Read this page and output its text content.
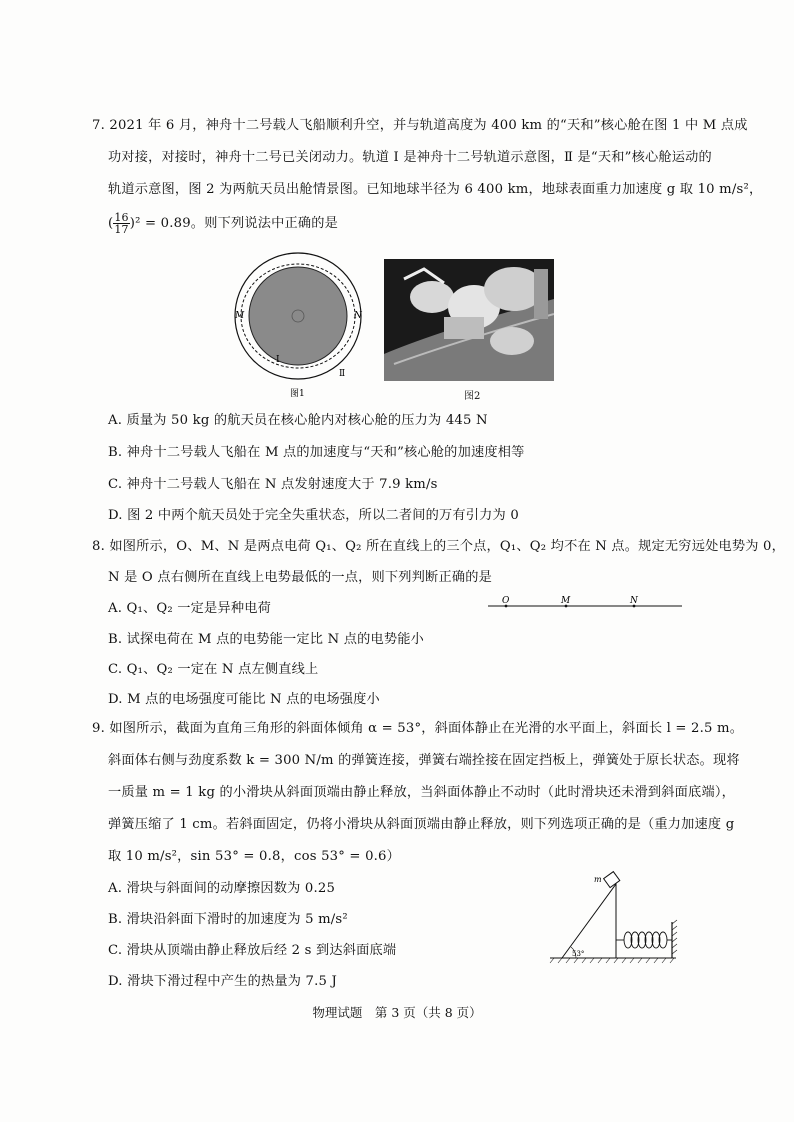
7. 2021 年 6 月，神舟十二号载人飞船顺利升空，并与轨道高度为 400 km 的“天和”核心舱在图 1 中 M 点成
功对接，对接时，神舟十二号已关闭动力。轨道 Ⅰ 是神舟十二号轨道示意图，Ⅱ 是“天和”核心舱运动的
轨道示意图，图 2 为两航天员出舱情景图。已知地球半径为 6 400 km，地球表面重力加速度 g 取 10 m/s²，
( $\frac{16}{17} )^2 = 0.89$。则下列说法中正确的是
M	N
Ⅰ
Ⅱ
图1	图2
A. 质量为 50 kg 的航天员在核心舱内对核心舱的压力为 445 N
B. 神舟十二号载人飞船在 M 点的加速度与“天和”核心舱的加速度相等
C. 神舟十二号载人飞船在 N 点发射速度大于 7.9 km/s
D. 图 2 中两个航天员处于完全失重状态，所以二者间的万有引力为 0
8. 如图所示，O、M、N 是两点电荷 Q₁、Q₂ 所在直线上的三个点，Q₁、Q₂ 均不在 N 点。规定无穷远处电势为 0，
N 是 O 点右侧所在直线上电势最低的一点，则下列判断正确的是
A. Q₁、Q₂ 一定是异种电荷	O	M	N
B. 试探电荷在 M 点的电势能一定比 N 点的电势能小
C. Q₁、Q₂ 一定在 N 点左侧直线上
D. M 点的电场强度可能比 N 点的电场强度小
9. 如图所示，截面为直角三角形的斜面体倾角 α = 53°，斜面体静止在光滑的水平面上，斜面长 l = 2.5 m。
斜面体右侧与劲度系数 k = 300 N/m 的弹簧连接，弹簧右端拴接在固定挡板上，弹簧处于原长状态。现将
一质量 m = 1 kg 的小滑块从斜面顶端由静止释放，当斜面体静止不动时（此时滑块还未滑到斜面底端），
弹簧压缩了 1 cm。若斜面固定，仍将小滑块从斜面顶端由静止释放，则下列选项正确的是（重力加速度 g
取 10 m/s²，sin 53° = 0.8，cos 53° = 0.6）
A. 滑块与斜面间的动摩擦因数为 0.25
B. 滑块沿斜面下滑时的加速度为 5 m/s²
C. 滑块从顶端由静止释放后经 2 s 到达斜面底端
D. 滑块下滑过程中产生的热量为 7.5 J
m
53°
物理试题　第 3 页（共 8 页）
